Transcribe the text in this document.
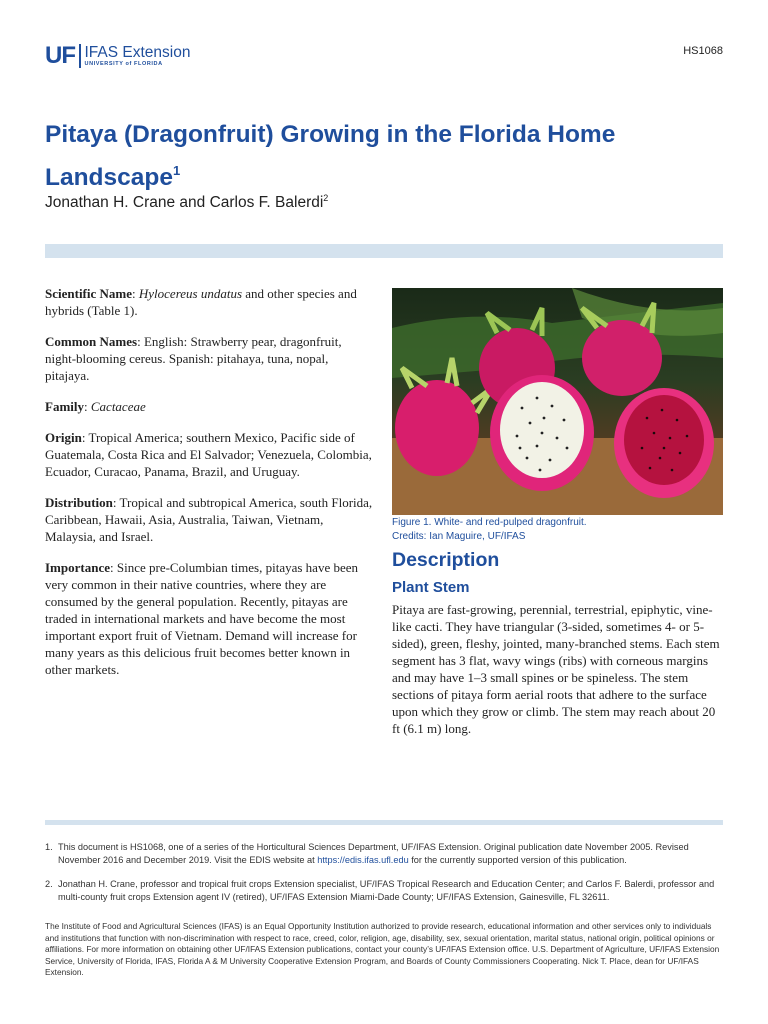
UF IFAS Extension
UNIVERSITY of FLORIDA
HS1068
Pitaya (Dragonfruit) Growing in the Florida Home Landscape$^1$
Jonathan H. Crane and Carlos F. Balerdi$^2$

Scientific Name: Hylocereus undatus and other species and hybrids (Table 1).

Common Names: English: Strawberry pear, dragonfruit, night-blooming cereus. Spanish: pitahaya, tuna, nopal, pitajaya.

Family: Cactaceae

Origin: Tropical America; southern Mexico, Pacific side of Guatemala, Costa Rica and El Salvador; Venezuela, Colombia, Ecuador, Curacao, Panama, Brazil, and Uruguay.

Distribution: Tropical and subtropical America, south Florida, Caribbean, Hawaii, Asia, Australia, Taiwan, Vietnam, Malaysia, and Israel.

Importance: Since pre-Columbian times, pitayas have been very common in their native countries, where they are consumed by the general population. Recently, pitayas are traded in international markets and have become the most important export fruit of Vietnam. Demand will increase for many years as this delicious fruit becomes better known in other markets.

Figure 1. White- and red-pulped dragonfruit.
Credits: Ian Maguire, UF/IFAS
Description
Plant Stem

Pitaya are fast-growing, perennial, terrestrial, epiphytic, vine-like cacti. They have triangular (3-sided, sometimes 4- or 5-sided), green, fleshy, jointed, many-branched stems. Each stem segment has 3 flat, wavy wings (ribs) with corneous margins and may have 1–3 small spines or be spineless. The stem sections of pitaya form aerial roots that adhere to the surface upon which they grow or climb. The stem may reach about 20 ft (6.1 m) long.

1. This document is HS1068, one of a series of the Horticultural Sciences Department, UF/IFAS Extension. Original publication date November 2005. Revised November 2016 and December 2019. Visit the EDIS website at https://edis.ifas.ufl.edu for the currently supported version of this publication.
2. Jonathan H. Crane, professor and tropical fruit crops Extension specialist, UF/IFAS Tropical Research and Education Center; and Carlos F. Balerdi, professor and multi-county fruit crops Extension agent IV (retired), UF/IFAS Extension Miami-Dade County; UF/IFAS Extension, Gainesville, FL 32611.
The Institute of Food and Agricultural Sciences (IFAS) is an Equal Opportunity Institution authorized to provide research, educational information and other services only to individuals and institutions that function with non-discrimination with respect to race, creed, color, religion, age, disability, sex, sexual orientation, marital status, national origin, political opinions or affiliations. For more information on obtaining other UF/IFAS Extension publications, contact your county’s UF/IFAS Extension office. U.S. Department of Agriculture, UF/IFAS Extension Service, University of Florida, IFAS, Florida A & M University Cooperative Extension Program, and Boards of County Commissioners Cooperating. Nick T. Place, dean for UF/IFAS Extension.
